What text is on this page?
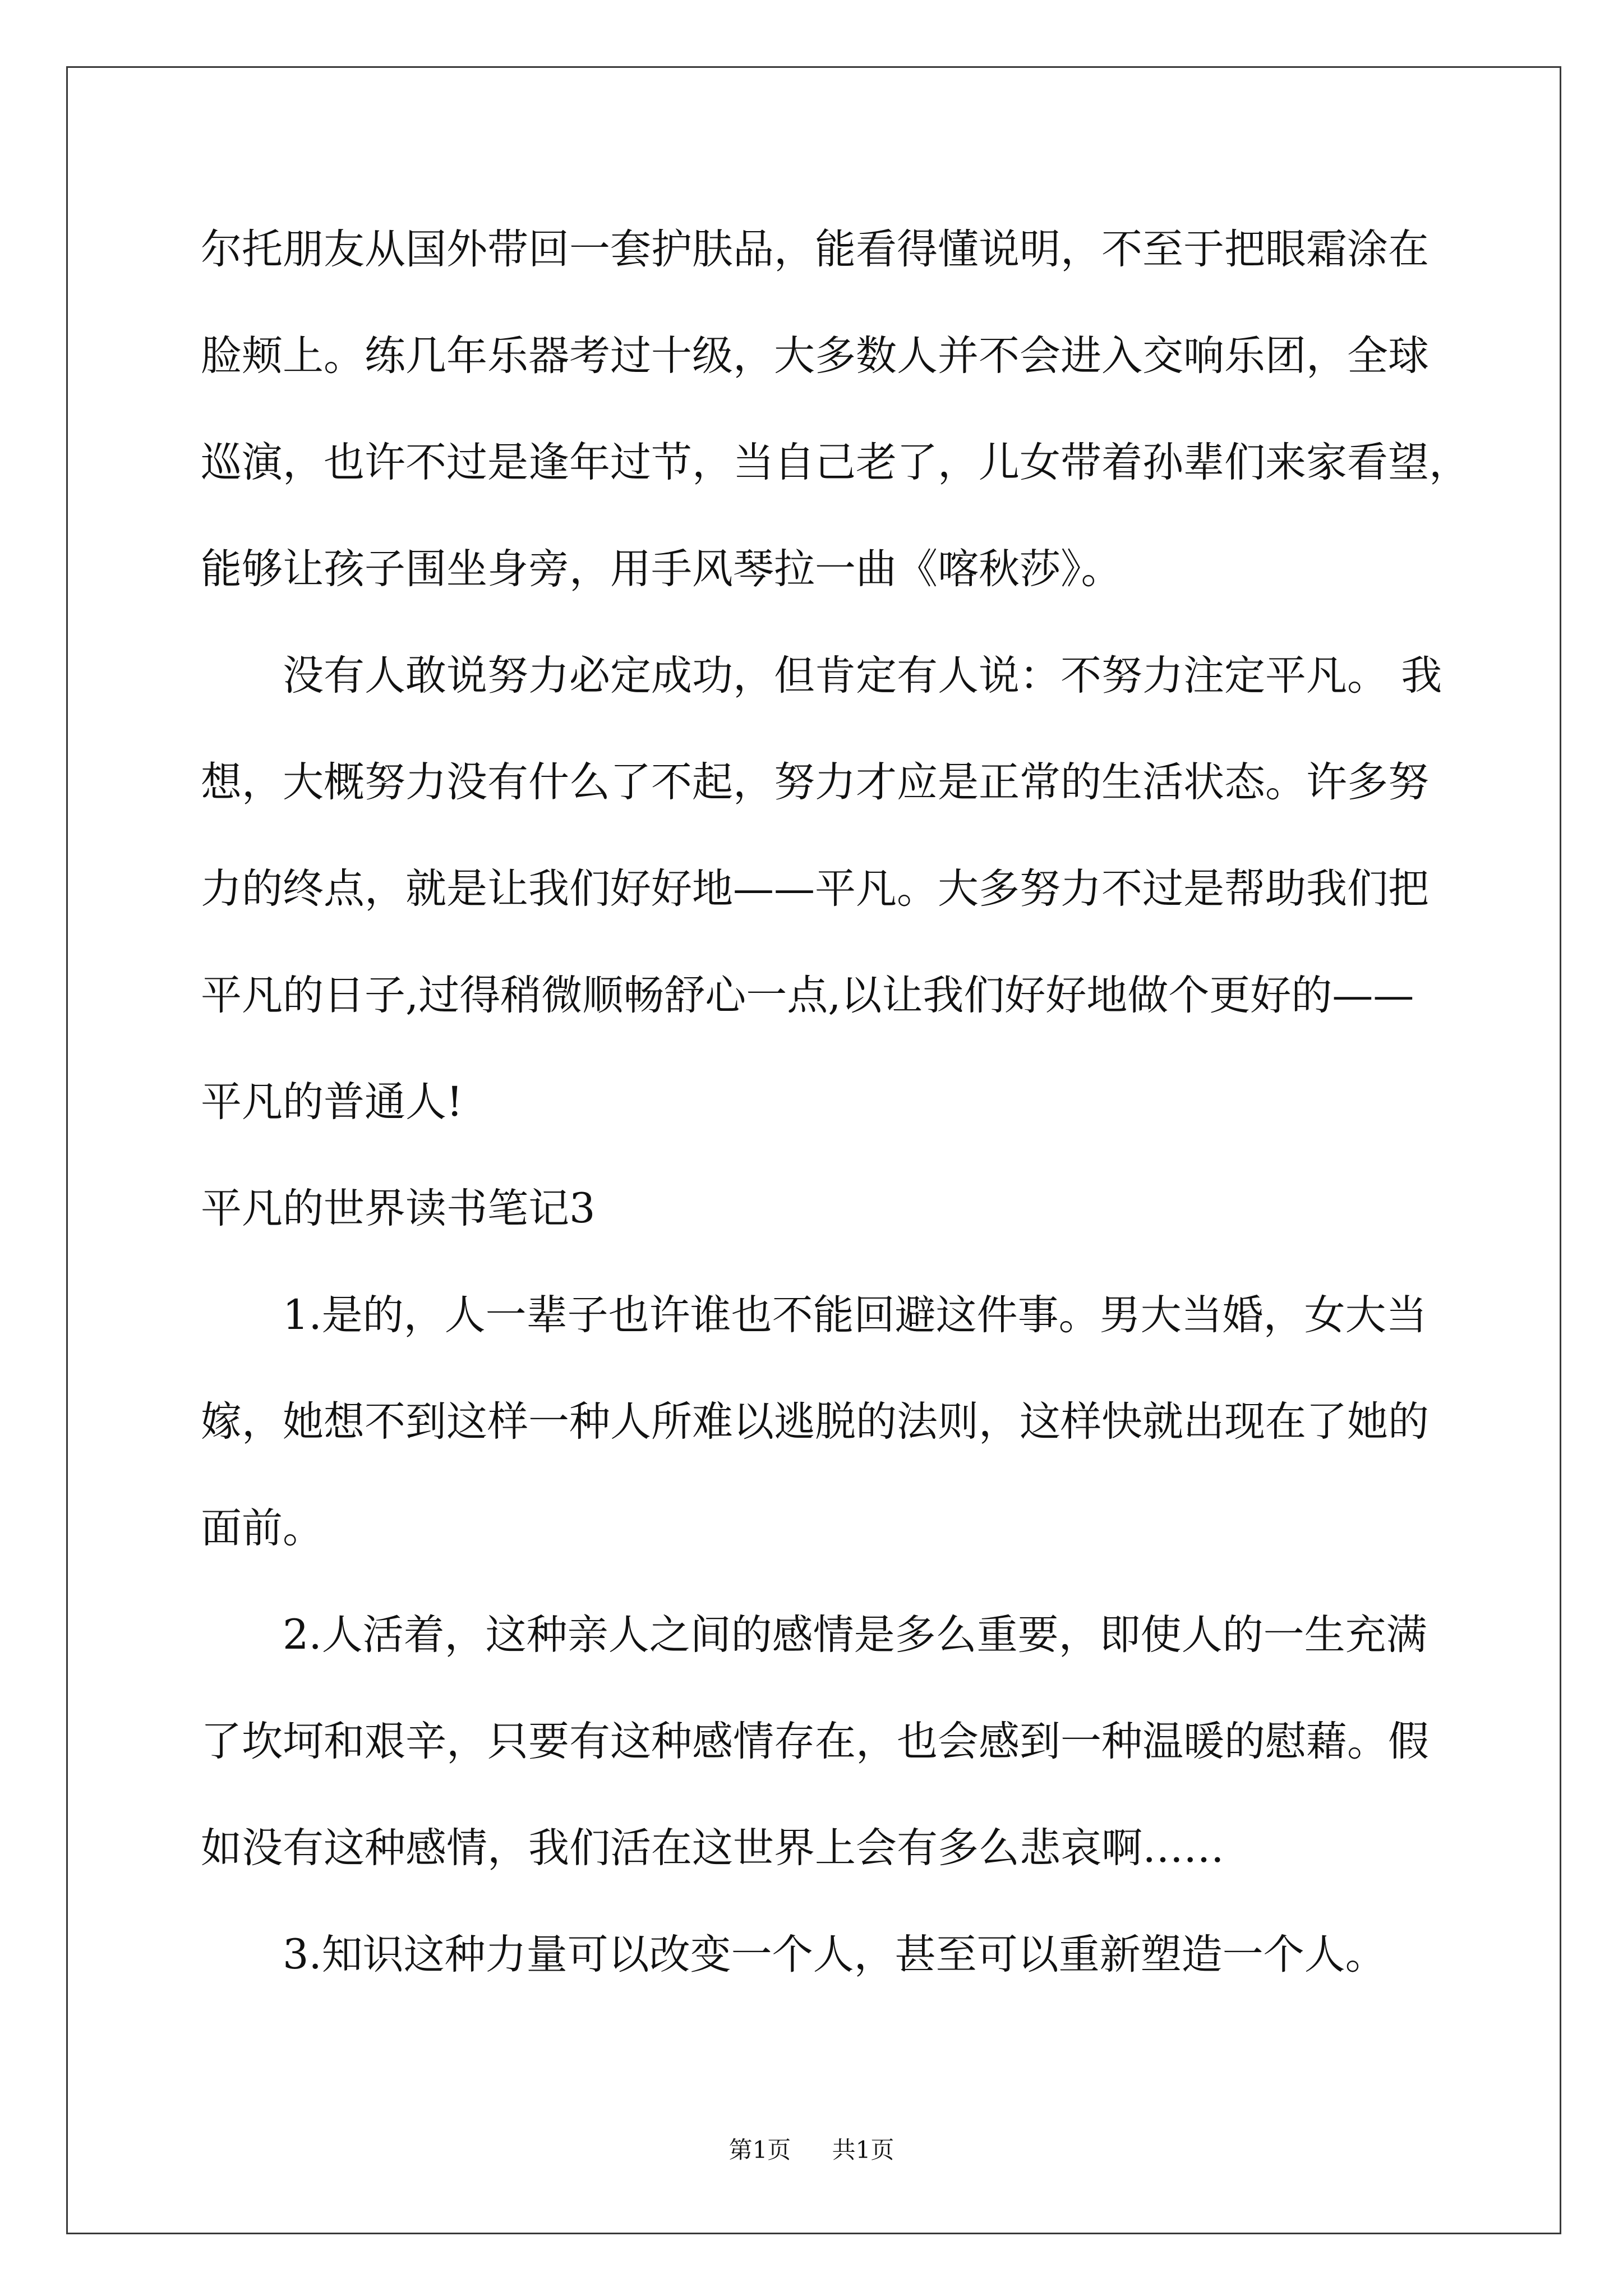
尔托朋友从国外带回一套护肤品，能看得懂说明，不至于把眼霜涂在
脸颊上。练几年乐器考过十级，大多数人并不会进入交响乐团，全球
巡演，也许不过是逢年过节，当自己老了，儿女带着孙辈们来家看望，
能够让孩子围坐身旁，用手风琴拉一曲《喀秋莎》。
没有人敢说努力必定成功，但肯定有人说：不努力注定平凡。 我
想，大概努力没有什么了不起，努力才应是正常的生活状态。许多努
力的终点，就是让我们好好地——平凡。大多努力不过是帮助我们把
平凡的日子,过得稍微顺畅舒心一点,以让我们好好地做个更好的——
平凡的普通人!
平凡的世界读书笔记3
1.是的，人一辈子也许谁也不能回避这件事。男大当婚，女大当
嫁，她想不到这样一种人所难以逃脱的法则，这样快就出现在了她的
面前。
2.人活着，这种亲人之间的感情是多么重要，即使人的一生充满
了坎坷和艰辛，只要有这种感情存在，也会感到一种温暖的慰藉。假
如没有这种感情，我们活在这世界上会有多么悲哀啊……
3.知识这种力量可以改变一个人，甚至可以重新塑造一个人。
第1页 共1页
